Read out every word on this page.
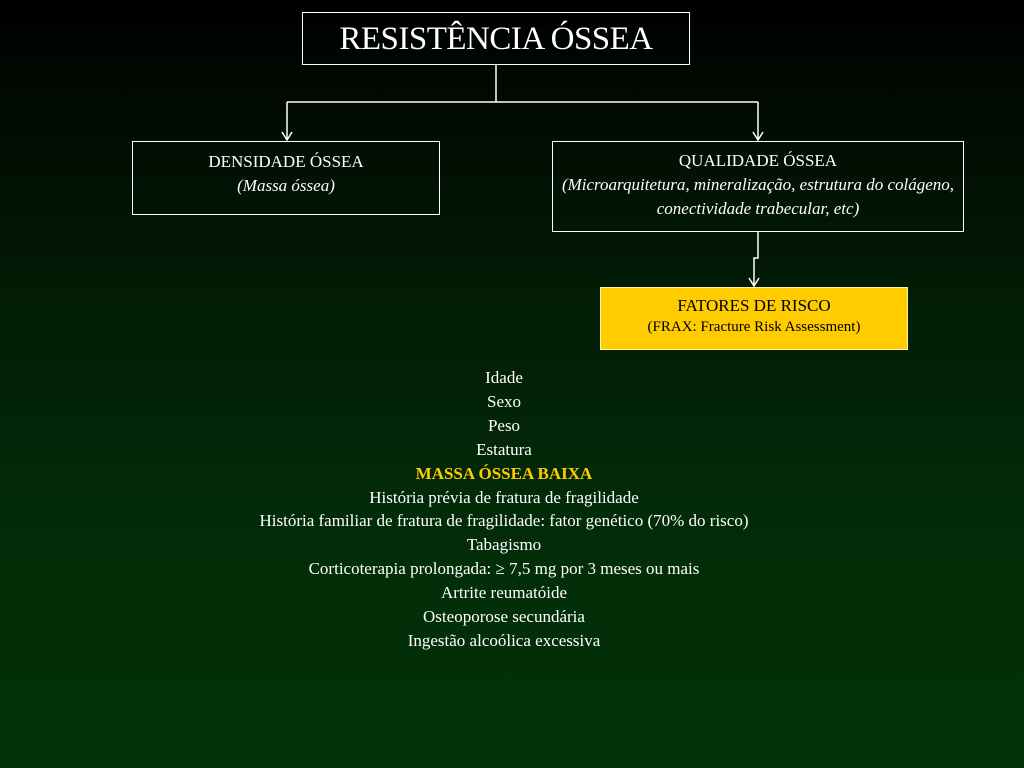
RESISTÊNCIA ÓSSEA
DENSIDADE ÓSSEA
(Massa óssea)
QUALIDADE ÓSSEA
(Microarquitetura, mineralização, estrutura do colágeno, conectividade trabecular, etc)
FATORES DE RISCO
(FRAX: Fracture Risk Assessment)
Idade
Sexo
Peso
Estatura
MASSA ÓSSEA BAIXA
História prévia de fratura de fragilidade
História familiar de fratura de fragilidade: fator genético (70% do risco)
Tabagismo
Corticoterapia prolongada: ≥ 7,5 mg por 3 meses ou mais
Artrite reumatóide
Osteoporose secundária
Ingestão alcoólica excessiva
